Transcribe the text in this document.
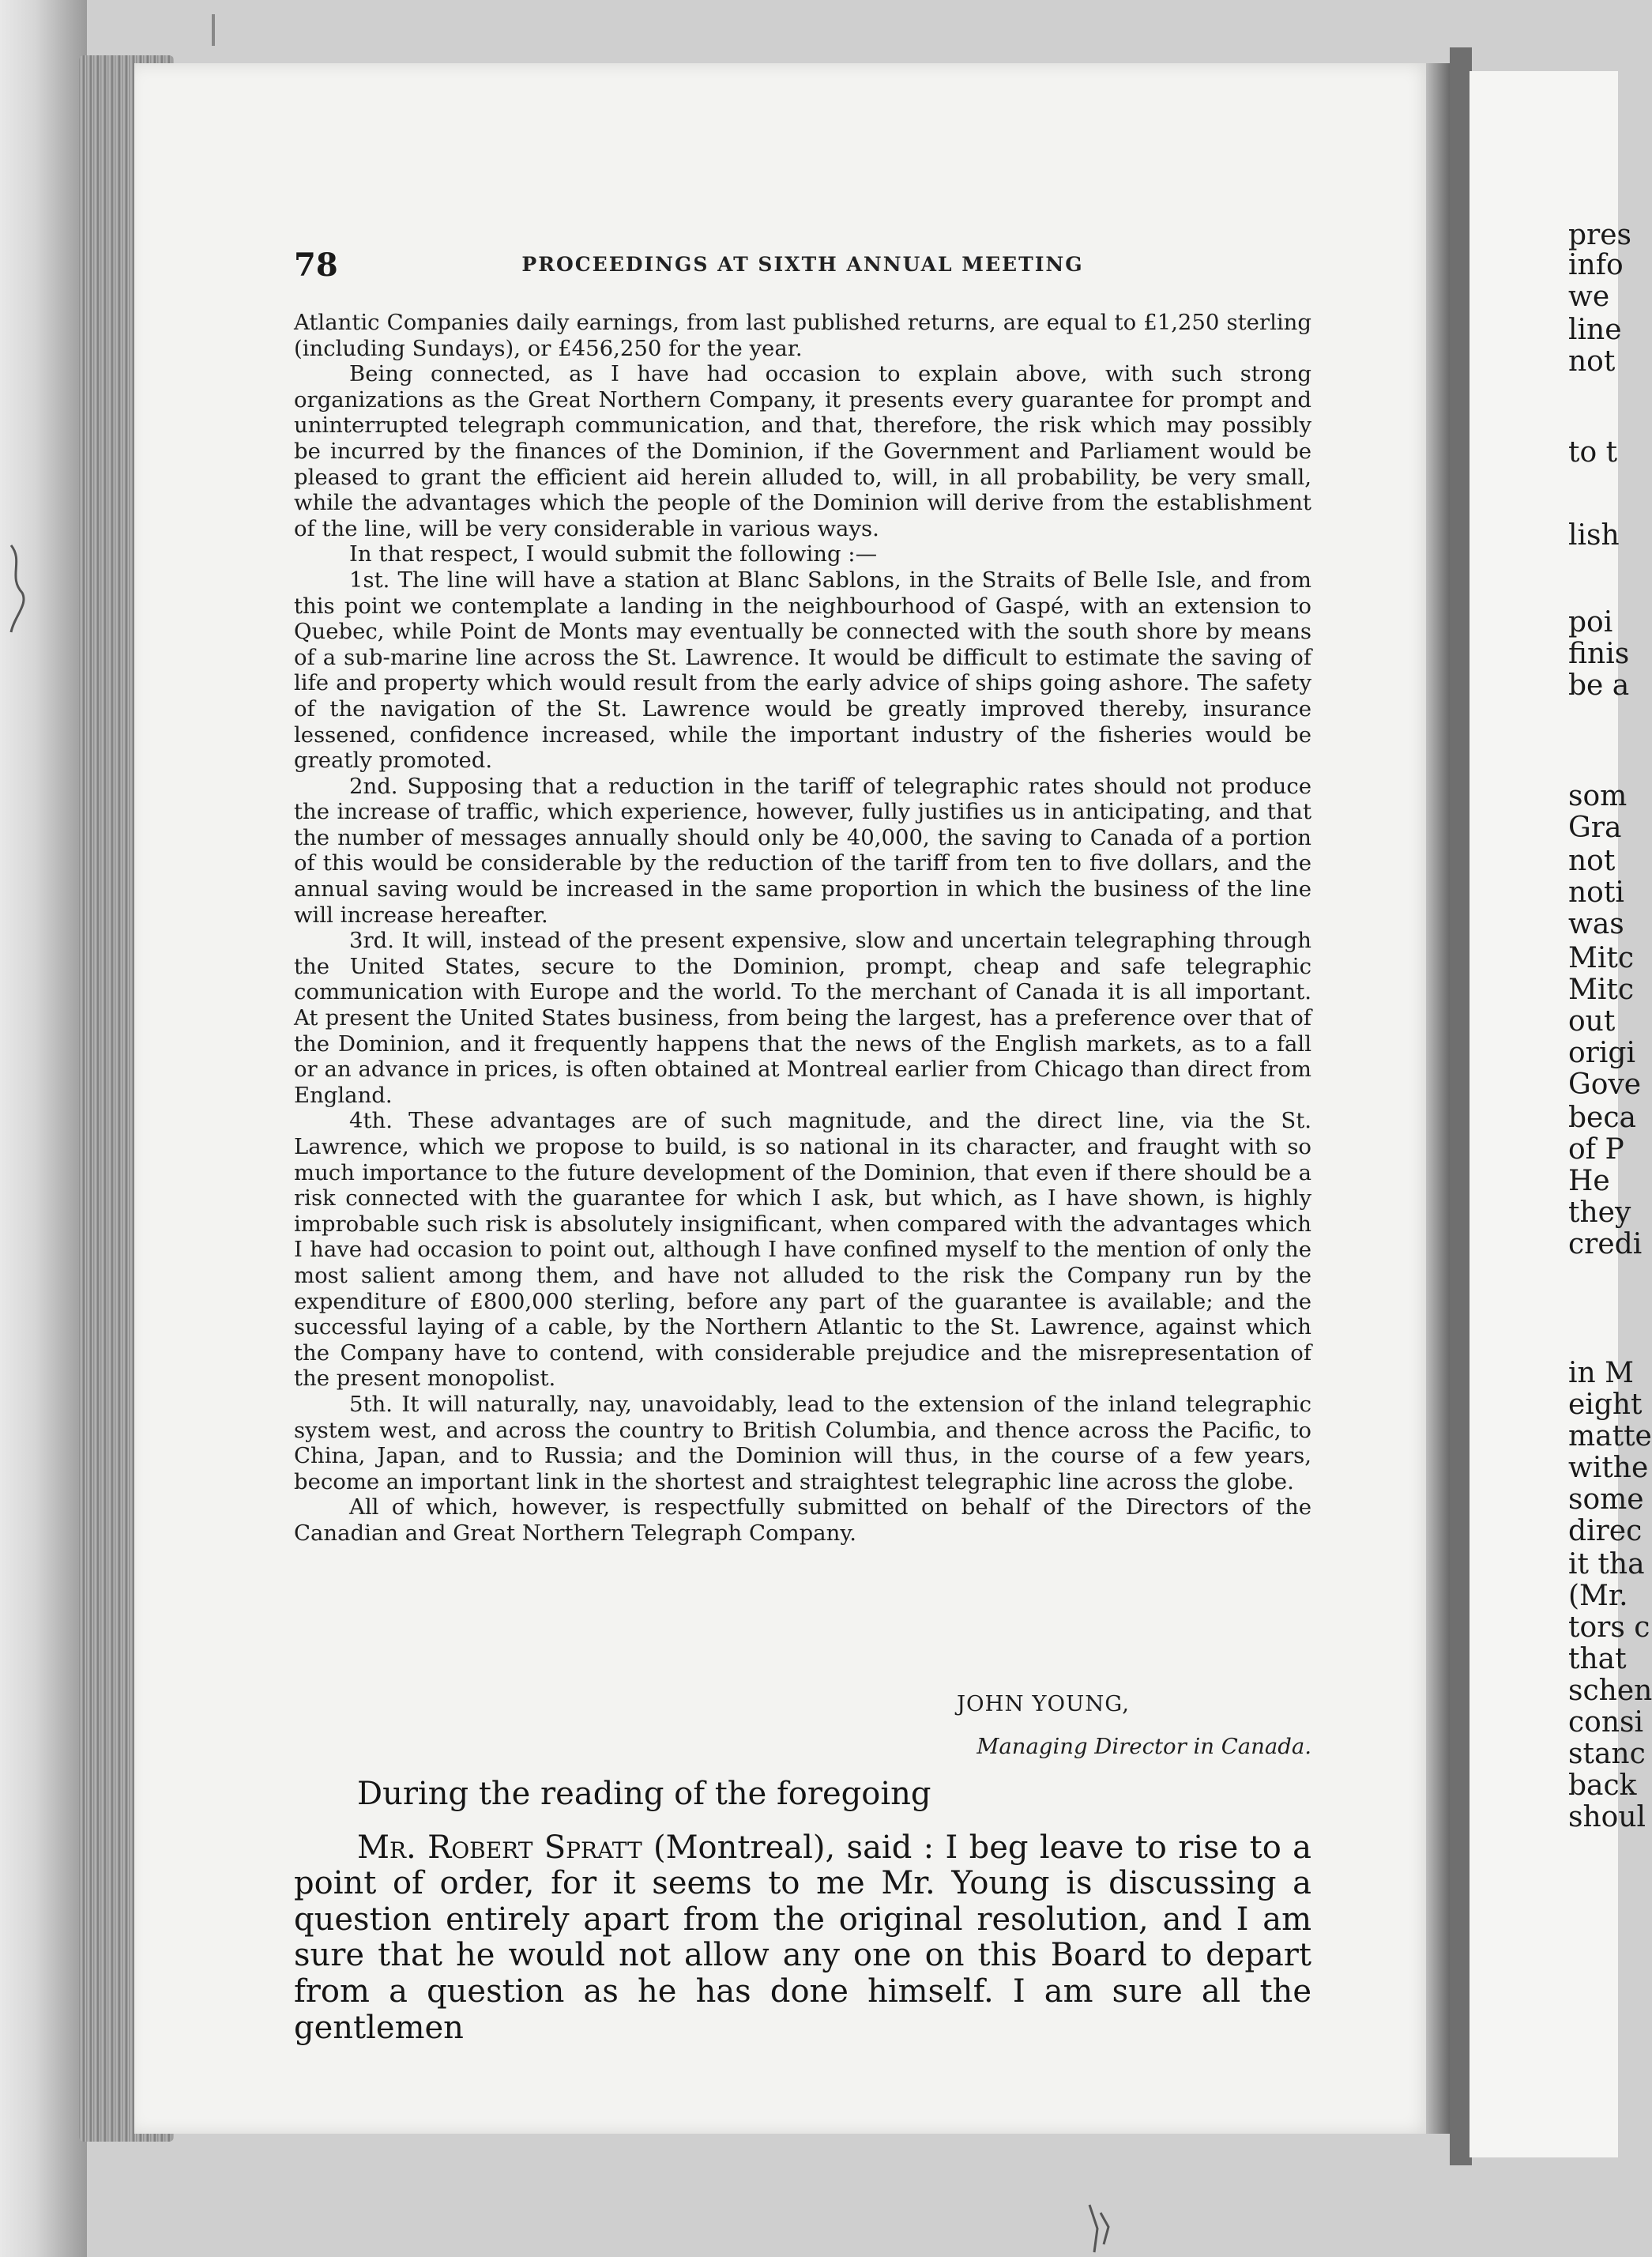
pres
info
we
line
not
to t
lish
poi
finis
be a
som
Gra
not
noti
was
Mitc
Mitc
out
origi
Gove
beca
of P
He
they
credi
in M
eight
matte
withe
some
direc
it tha
(Mr.
tors c
that
schen
consi
stanc
back
shoul
78	PROCEEDINGS AT SIXTH ANNUAL MEETING

Atlantic Companies daily earnings, from last published returns, are equal to £1,250 sterling (including Sundays), or £456,250 for the year.

Being connected, as I have had occasion to explain above, with such strong organizations as the Great Northern Company, it presents every guarantee for prompt and uninterrupted telegraph communication, and that, therefore, the risk which may possibly be incurred by the finances of the Dominion, if the Government and Parliament would be pleased to grant the efficient aid herein alluded to, will, in all probability, be very small, while the advantages which the people of the Dominion will derive from the establishment of the line, will be very considerable in various ways.

In that respect, I would submit the following :—

1st. The line will have a station at Blanc Sablons, in the Straits of Belle Isle, and from this point we contemplate a landing in the neighbourhood of Gaspé, with an extension to Quebec, while Point de Monts may eventually be connected with the south shore by means of a sub-marine line across the St. Lawrence. It would be difficult to estimate the saving of life and property which would result from the early advice of ships going ashore. The safety of the navigation of the St. Lawrence would be greatly improved thereby, insurance lessened, confidence increased, while the important industry of the fisheries would be greatly promoted.

2nd. Supposing that a reduction in the tariff of telegraphic rates should not produce the increase of traffic, which experience, however, fully justifies us in anticipating, and that the number of messages annually should only be 40,000, the saving to Canada of a portion of this would be considerable by the reduction of the tariff from ten to five dollars, and the annual saving would be increased in the same proportion in which the business of the line will increase hereafter.

3rd. It will, instead of the present expensive, slow and uncertain telegraphing through the United States, secure to the Dominion, prompt, cheap and safe telegraphic communication with Europe and the world. To the merchant of Canada it is all important. At present the United States business, from being the largest, has a preference over that of the Dominion, and it frequently happens that the news of the English markets, as to a fall or an advance in prices, is often obtained at Montreal earlier from Chicago than direct from England.

4th. These advantages are of such magnitude, and the direct line, via the St. Lawrence, which we propose to build, is so national in its character, and fraught with so much importance to the future development of the Dominion, that even if there should be a risk connected with the guarantee for which I ask, but which, as I have shown, is highly improbable such risk is absolutely insignificant, when compared with the advantages which I have had occasion to point out, although I have confined myself to the mention of only the most salient among them, and have not alluded to the risk the Company run by the expenditure of £800,000 sterling, before any part of the guarantee is available; and the successful laying of a cable, by the Northern Atlantic to the St. Lawrence, against which the Company have to contend, with considerable prejudice and the misrepresentation of the present monopolist.

5th. It will naturally, nay, unavoidably, lead to the extension of the inland telegraphic system west, and across the country to British Columbia, and thence across the Pacific, to China, Japan, and to Russia; and the Dominion will thus, in the course of a few years, become an important link in the shortest and straightest telegraphic line across the globe.

All of which, however, is respectfully submitted on behalf of the Directors of the Canadian and Great Northern Telegraph Company.

JOHN YOUNG,
Managing Director in Canada.

During the reading of the foregoing

Mr. Robert Spratt (Montreal), said : I beg leave to rise to a point of order, for it seems to me Mr. Young is discussing a question entirely apart from the original resolution, and I am sure that he would not allow any one on this Board to depart from a question as he has done himself. I am sure all the gentlemen
